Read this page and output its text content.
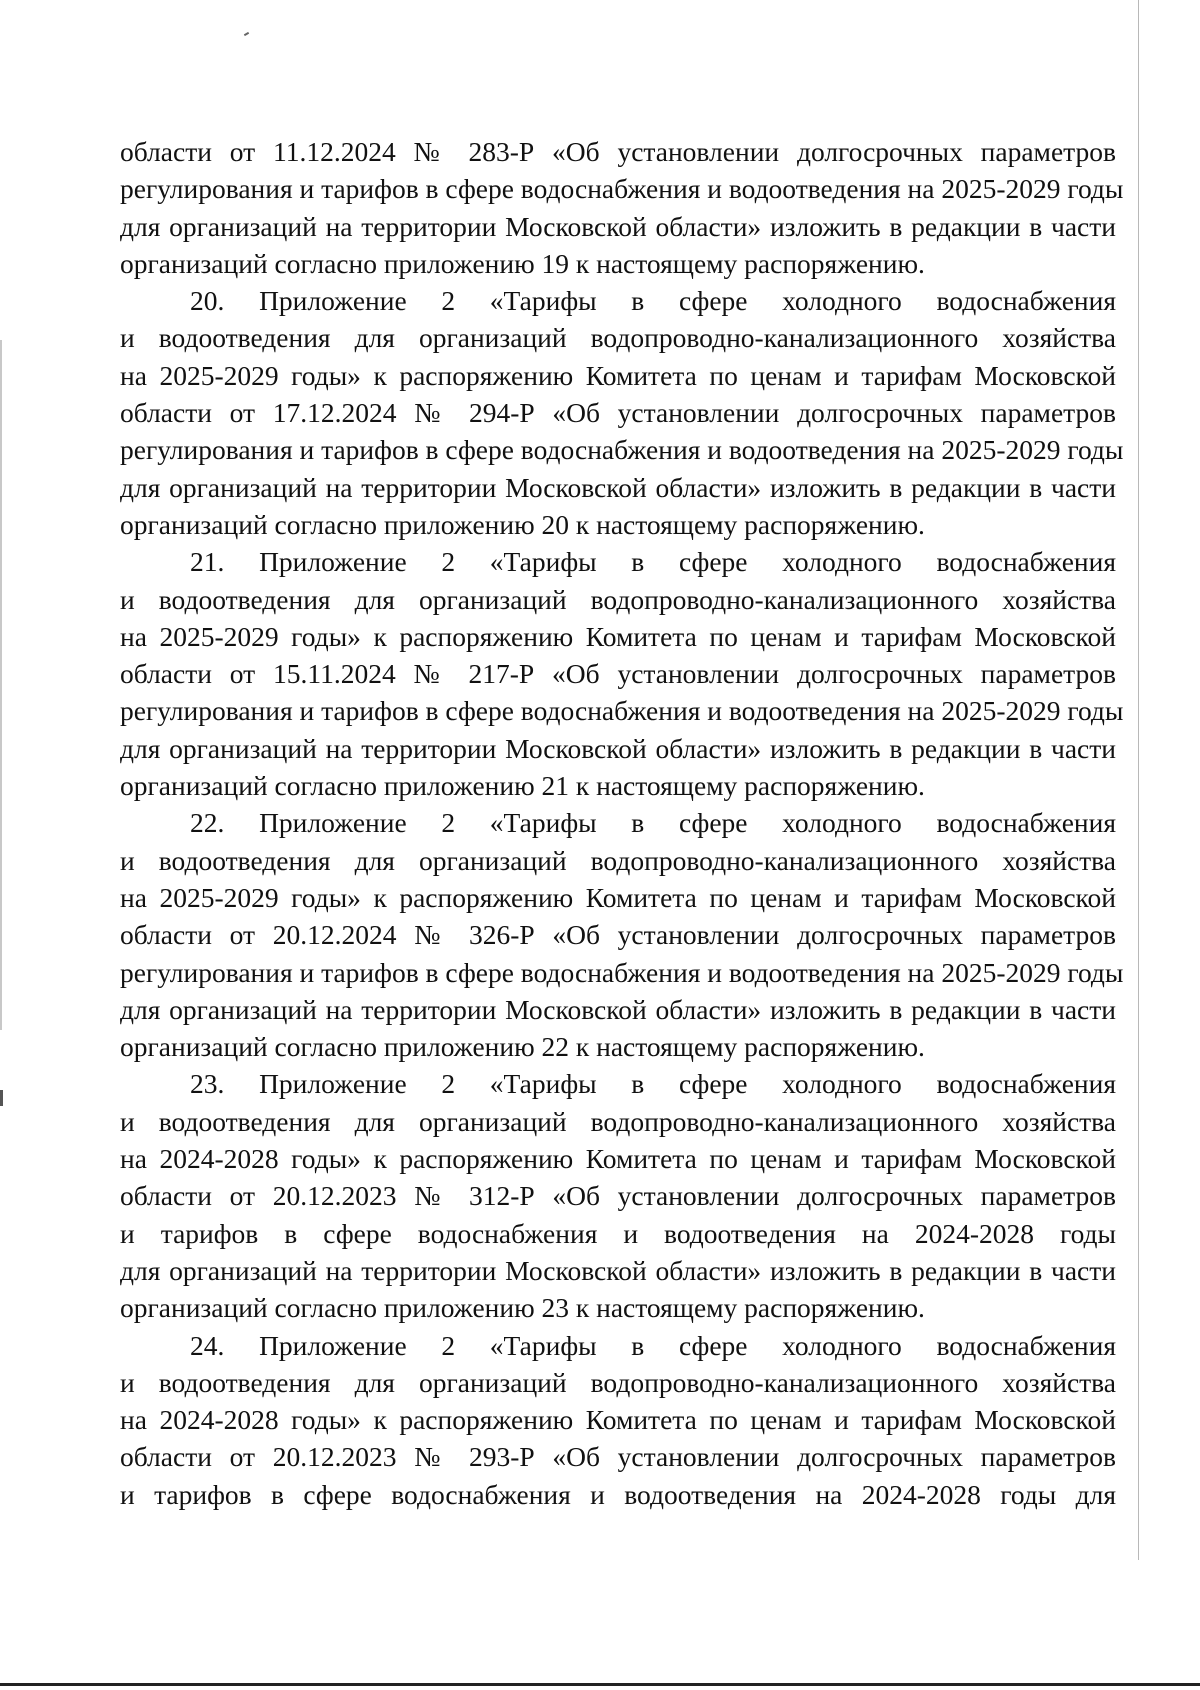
области от 11.12.2024 № 283-Р «Об установлении долгосрочных параметров
регулирования и тарифов в сфере водоснабжения и водоотведения на 2025-2029 годы
для организаций на территории Московской области» изложить в редакции в части
организаций согласно приложению 19 к настоящему распоряжению.
20. Приложение 2 «Тарифы в сфере холодного водоснабжения
и водоотведения для организаций водопроводно-канализационного хозяйства
на 2025-2029 годы» к распоряжению Комитета по ценам и тарифам Московской
области от 17.12.2024 № 294-Р «Об установлении долгосрочных параметров
регулирования и тарифов в сфере водоснабжения и водоотведения на 2025-2029 годы
для организаций на территории Московской области» изложить в редакции в части
организаций согласно приложению 20 к настоящему распоряжению.
21. Приложение 2 «Тарифы в сфере холодного водоснабжения
и водоотведения для организаций водопроводно-канализационного хозяйства
на 2025-2029 годы» к распоряжению Комитета по ценам и тарифам Московской
области от 15.11.2024 № 217-Р «Об установлении долгосрочных параметров
регулирования и тарифов в сфере водоснабжения и водоотведения на 2025-2029 годы
для организаций на территории Московской области» изложить в редакции в части
организаций согласно приложению 21 к настоящему распоряжению.
22. Приложение 2 «Тарифы в сфере холодного водоснабжения
и водоотведения для организаций водопроводно-канализационного хозяйства
на 2025-2029 годы» к распоряжению Комитета по ценам и тарифам Московской
области от 20.12.2024 № 326-Р «Об установлении долгосрочных параметров
регулирования и тарифов в сфере водоснабжения и водоотведения на 2025-2029 годы
для организаций на территории Московской области» изложить в редакции в части
организаций согласно приложению 22 к настоящему распоряжению.
23. Приложение 2 «Тарифы в сфере холодного водоснабжения
и водоотведения для организаций водопроводно-канализационного хозяйства
на 2024-2028 годы» к распоряжению Комитета по ценам и тарифам Московской
области от 20.12.2023 № 312-Р «Об установлении долгосрочных параметров
и тарифов в сфере водоснабжения и водоотведения на 2024-2028 годы
для организаций на территории Московской области» изложить в редакции в части
организаций согласно приложению 23 к настоящему распоряжению.
24. Приложение 2 «Тарифы в сфере холодного водоснабжения
и водоотведения для организаций водопроводно-канализационного хозяйства
на 2024-2028 годы» к распоряжению Комитета по ценам и тарифам Московской
области от 20.12.2023 № 293-Р «Об установлении долгосрочных параметров
и тарифов в сфере водоснабжения и водоотведения на 2024-2028 годы для
